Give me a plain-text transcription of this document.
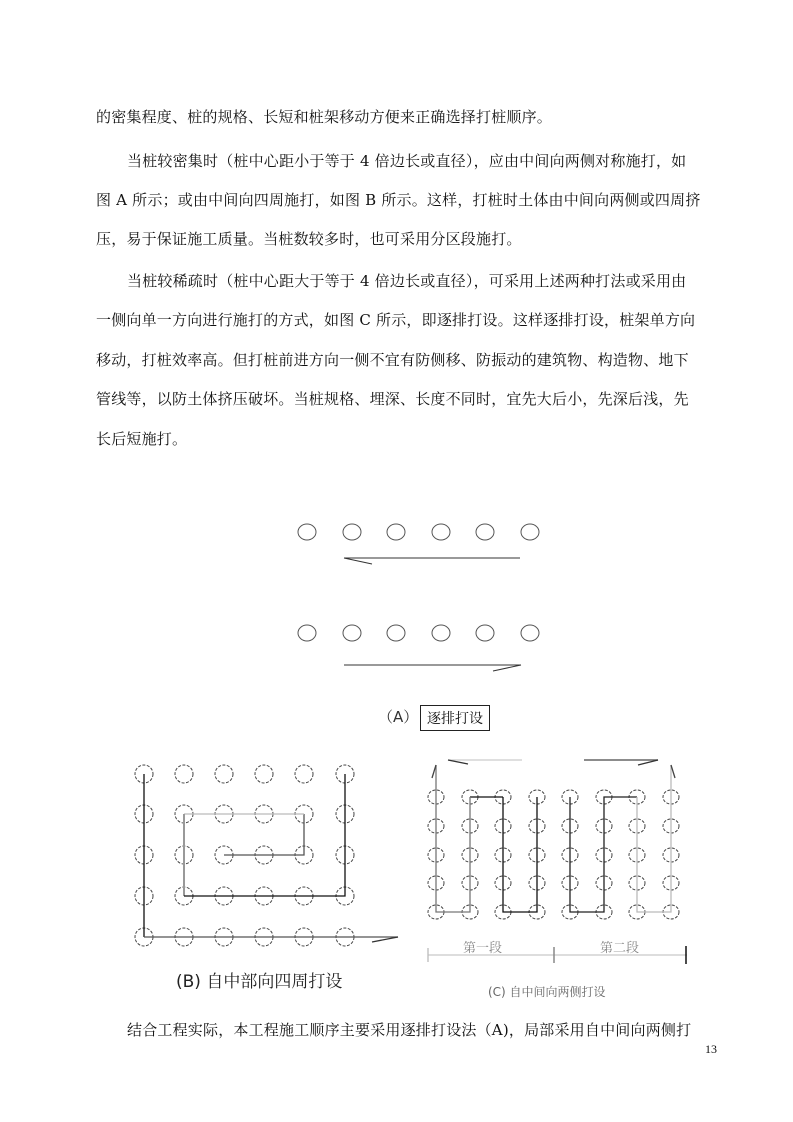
的密集程度、桩的规格、长短和桩架移动方便来正确选择打桩顺序。
当桩较密集时（桩中心距小于等于 4 倍边长或直径），应由中间向两侧对称施打，如
图 A 所示；或由中间向四周施打，如图 B 所示。这样，打桩时土体由中间向两侧或四周挤
压，易于保证施工质量。当桩数较多时，也可采用分区段施打。
当桩较稀疏时（桩中心距大于等于 4 倍边长或直径），可采用上述两种打法或采用由
一侧向单一方向进行施打的方式，如图 C 所示，即逐排打设。这样逐排打设，桩架单方向
移动，打桩效率高。但打桩前进方向一侧不宜有防侧移、防振动的建筑物、构造物、地下
管线等，以防土体挤压破坏。当桩规格、埋深、长度不同时，宜先大后小，先深后浅，先
长后短施打。
结合工程实际，本工程施工顺序主要采用逐排打设法（A)，局部采用自中间向两侧打
（A） 逐排打设
(B) 自中部向四周打设
第一段	第二段
(C) 自中间向两侧打设
13
